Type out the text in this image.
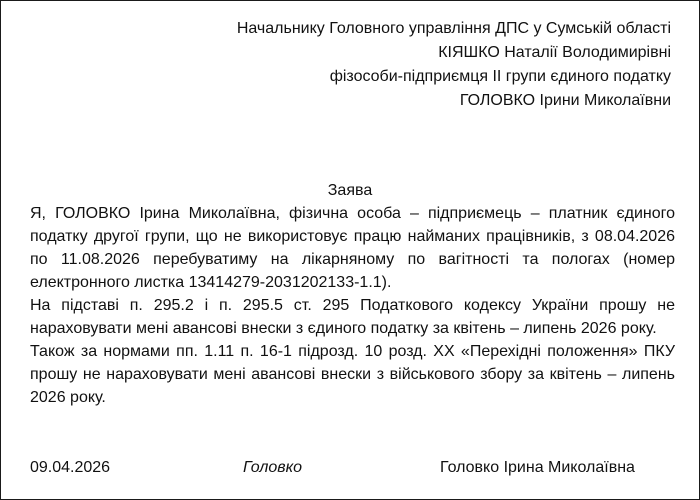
Начальнику Головного управління ДПС у Сумській області
КІЯШКО Наталії Володимирівні
фізособи-підприємця ІІ групи єдиного податку
ГОЛОВКО Ірини Миколаївни
Заява

Я, ГОЛОВКО Ірина Миколаївна, фізична особа – підприємець – платник єдиного податку другої групи, що не використовує працю найманих працівників, з 08.04.2026 по 11.08.2026 перебуватиму на лікарняному по вагітності та пологах (номер електронного листка 13414279-2031202133-1.1).

На підставі п. 295.2 і п. 295.5 ст. 295 Податкового кодексу України прошу не нараховувати мені авансові внески з єдиного податку за квітень – липень 2026 року.

Також за нормами пп. 1.11 п. 16-1 підрозд. 10 розд. ХХ «Перехідні положення» ПКУ прошу не нараховувати мені авансові внески з військового збору за квітень – липень 2026 року.

09.04.2026	Головко	Головко Ірина Миколаївна
